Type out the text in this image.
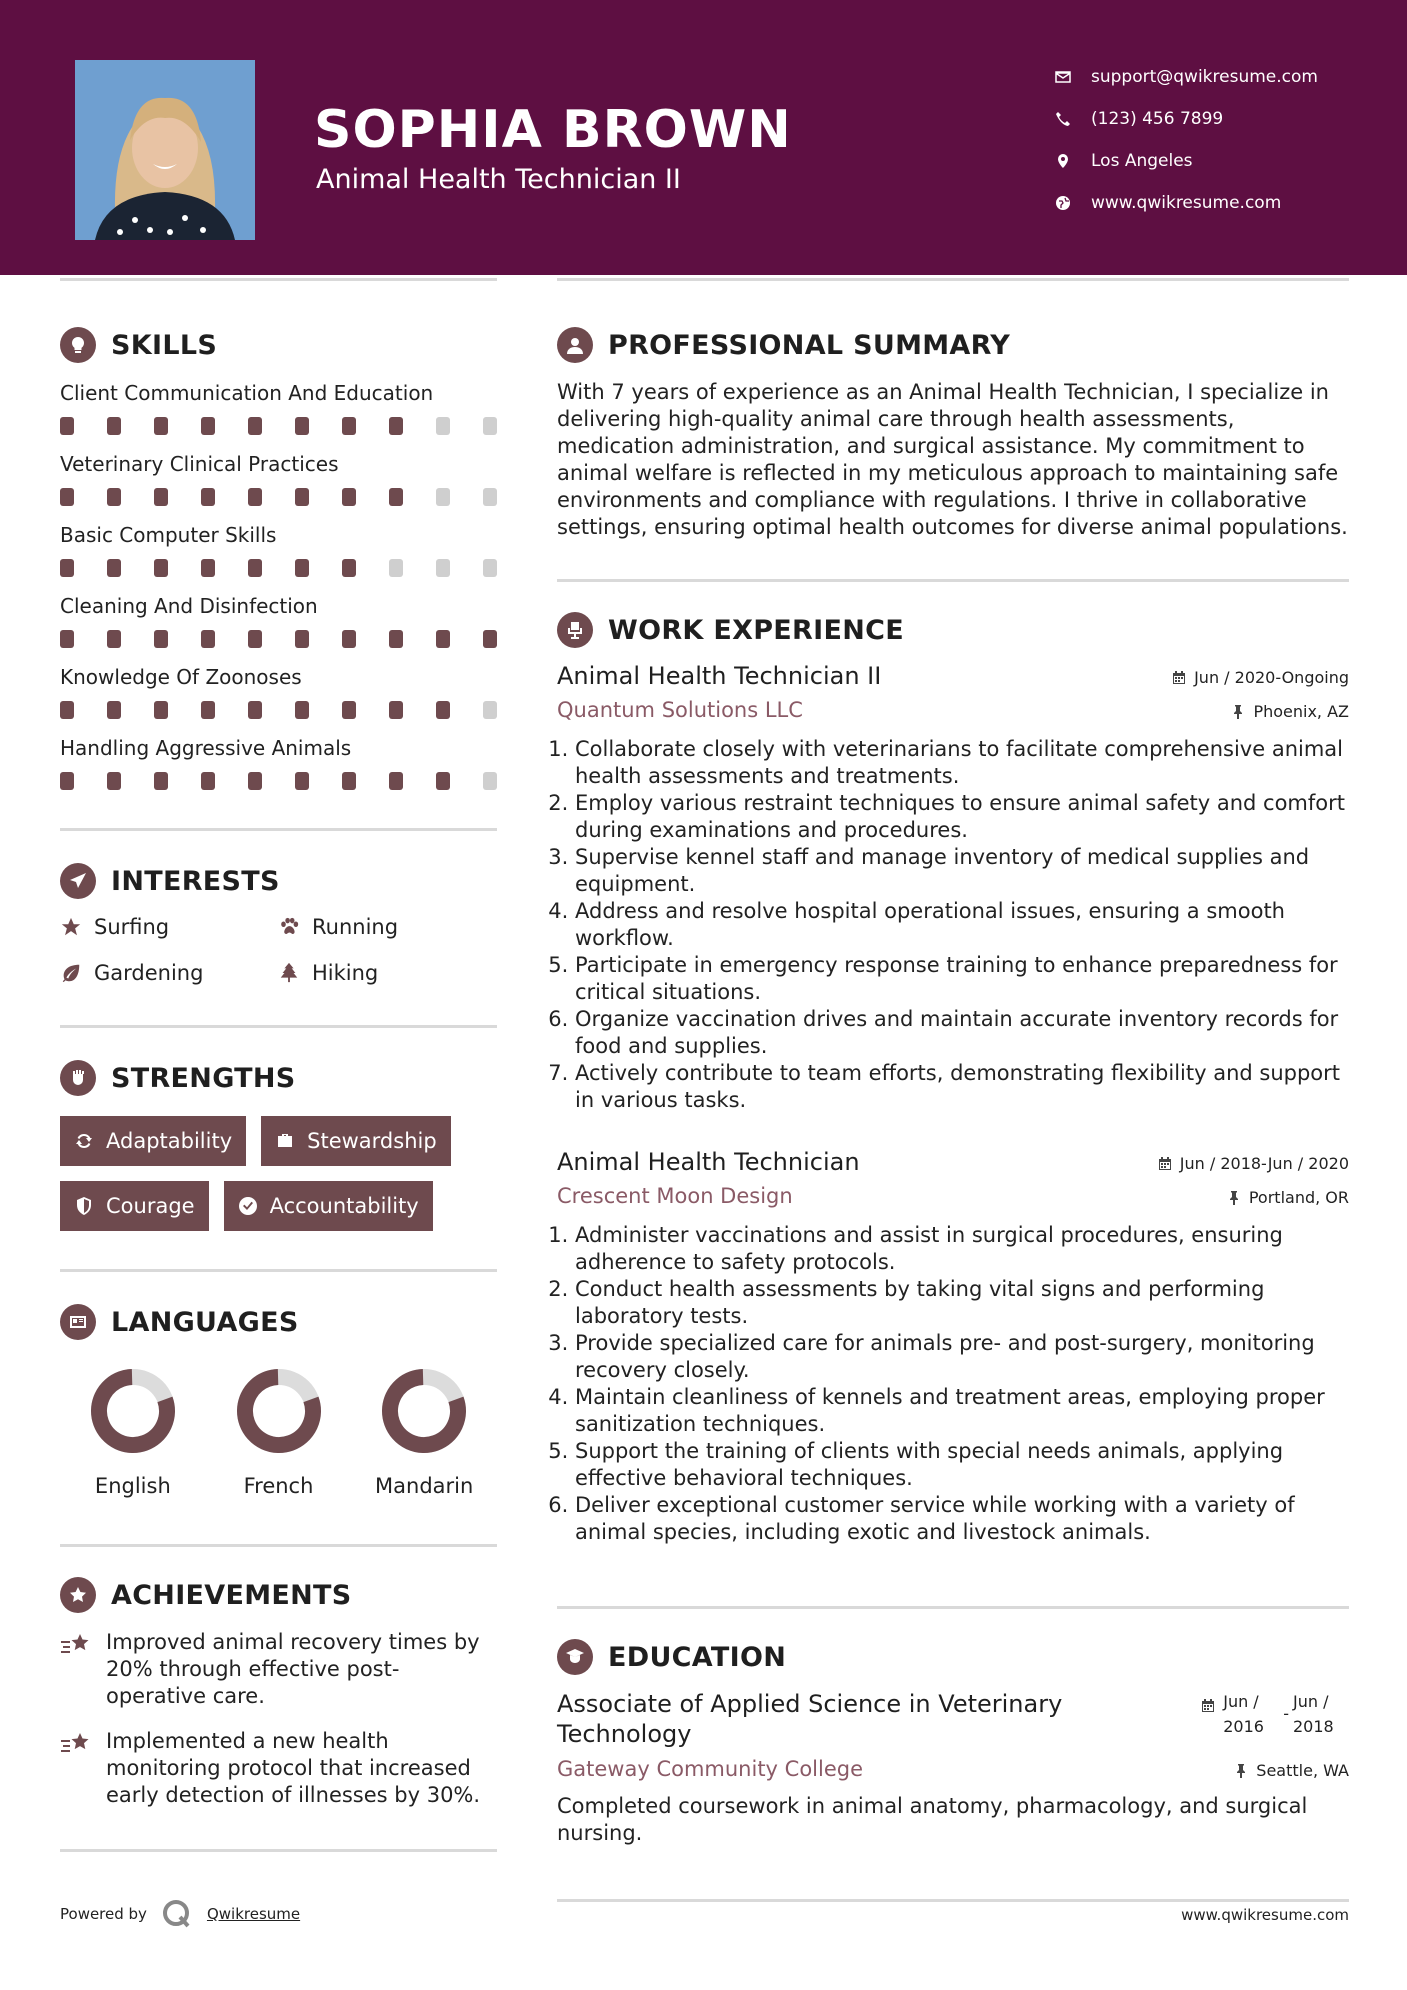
SOPHIA BROWN
Animal Health Technician II
support@qwikresume.com
(123) 456 7899
Los Angeles
www.qwikresume.com
SKILLS
Client Communication And Education
Veterinary Clinical Practices
Basic Computer Skills
Cleaning And Disinfection
Knowledge Of Zoonoses
Handling Aggressive Animals
INTERESTS
Surfing	Running
Gardening	Hiking
STRENGTHS
Adaptability	Stewardship
Courage	Accountability
LANGUAGES
English	French	Mandarin
ACHIEVEMENTS
Improved animal recovery times by 20% through effective post-operative care.
Implemented a new health monitoring protocol that increased early detection of illnesses by 30%.
PROFESSIONAL SUMMARY
With 7 years of experience as an Animal Health Technician, I specialize in delivering high-quality animal care through health assessments, medication administration, and surgical assistance. My commitment to animal welfare is reflected in my meticulous approach to maintaining safe environments and compliance with regulations. I thrive in collaborative settings, ensuring optimal health outcomes for diverse animal populations.
WORK EXPERIENCE
Animal Health Technician II	Jun / 2020-Ongoing
Quantum Solutions LLC	Phoenix, AZ
1. Collaborate closely with veterinarians to facilitate comprehensive animal health assessments and treatments.
2. Employ various restraint techniques to ensure animal safety and comfort during examinations and procedures.
3. Supervise kennel staff and manage inventory of medical supplies and equipment.
4. Address and resolve hospital operational issues, ensuring a smooth workflow.
5. Participate in emergency response training to enhance preparedness for critical situations.
6. Organize vaccination drives and maintain accurate inventory records for food and supplies.
7. Actively contribute to team efforts, demonstrating flexibility and support in various tasks.
Animal Health Technician	Jun / 2018-Jun / 2020
Crescent Moon Design	Portland, OR
1. Administer vaccinations and assist in surgical procedures, ensuring adherence to safety protocols.
2. Conduct health assessments by taking vital signs and performing laboratory tests.
3. Provide specialized care for animals pre- and post-surgery, monitoring recovery closely.
4. Maintain cleanliness of kennels and treatment areas, employing proper sanitization techniques.
5. Support the training of clients with special needs animals, applying effective behavioral techniques.
6. Deliver exceptional customer service while working with a variety of animal species, including exotic and livestock animals.
EDUCATION
Associate of Applied Science in Veterinary Technology
Jun / 2016
-
Jun / 2018
Gateway Community College	Seattle, WA
Completed coursework in animal anatomy, pharmacology, and surgical nursing.
Powered by	Qwikresume	www.qwikresume.com
